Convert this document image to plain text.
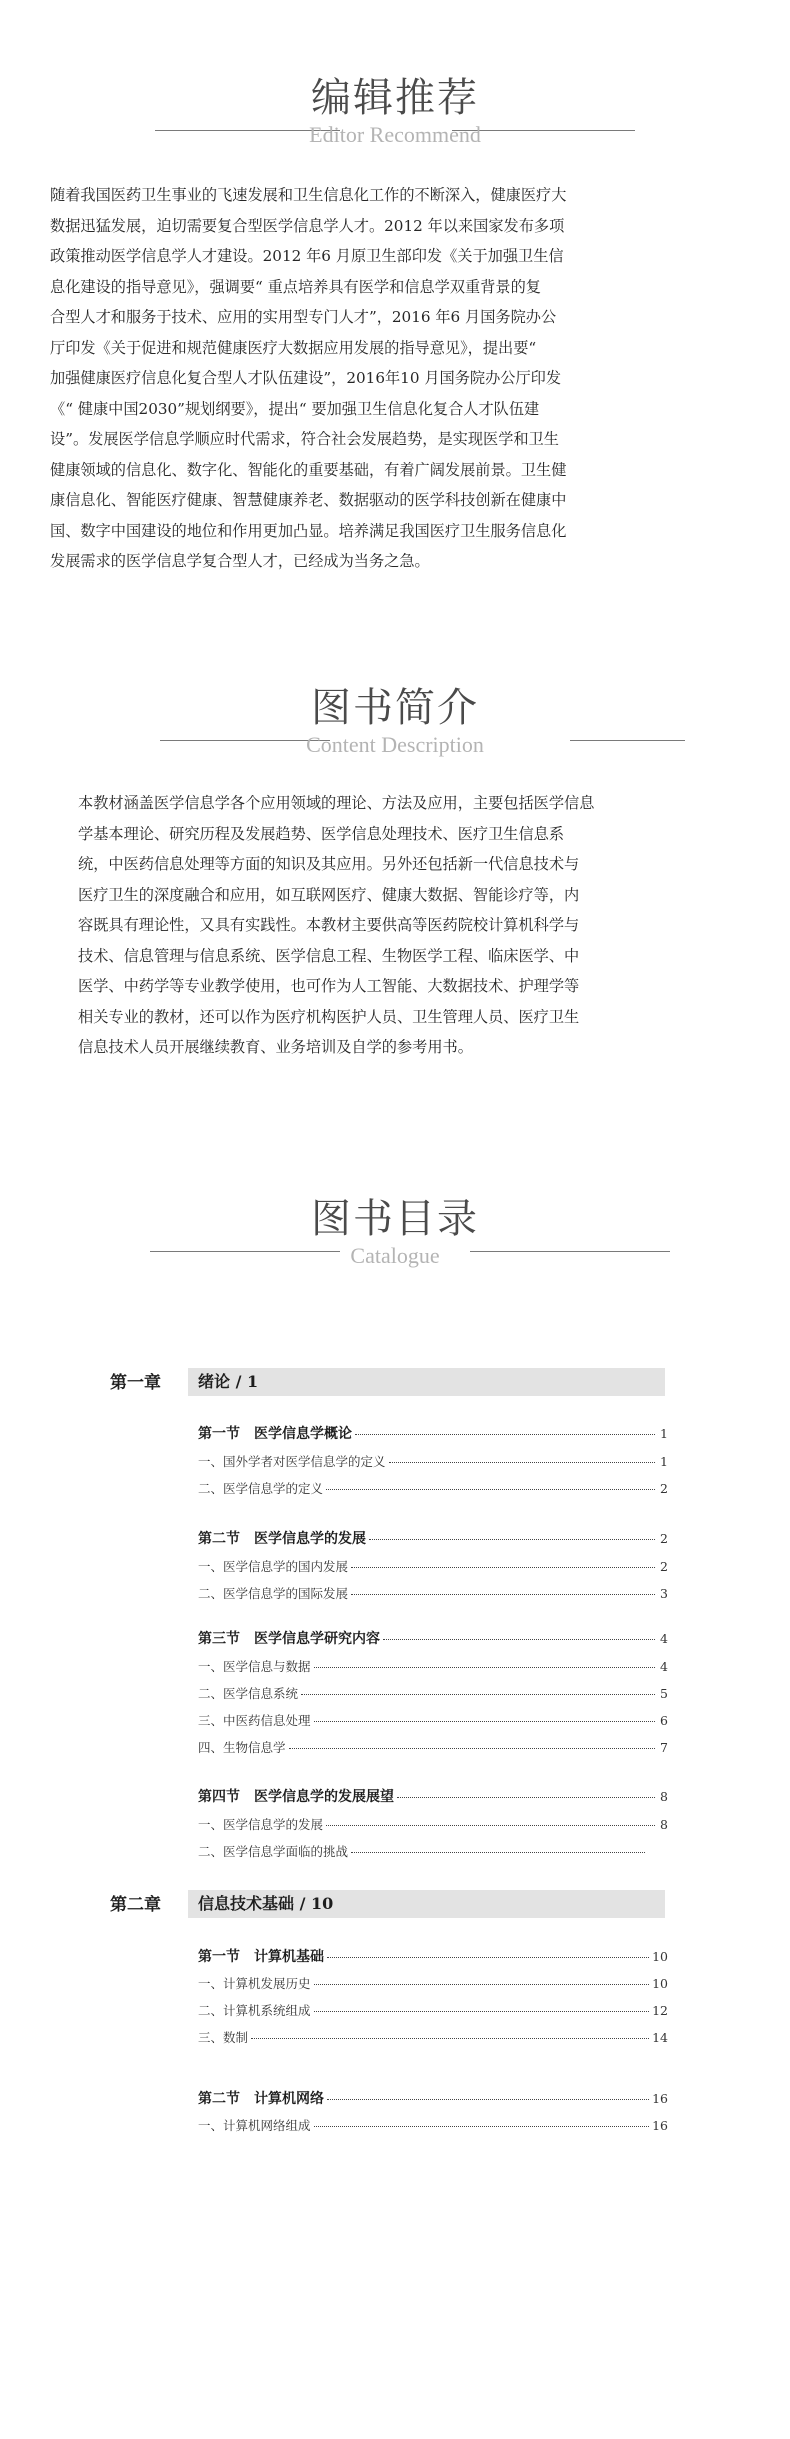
编辑推荐
Editor Recommend
随着我国医药卫生事业的飞速发展和卫生信息化工作的不断深入，健康医疗大
数据迅猛发展，迫切需要复合型医学信息学人才。2012 年以来国家发布多项
政策推动医学信息学人才建设。2012 年6 月原卫生部印发《关于加强卫生信
息化建设的指导意见》，强调要“ 重点培养具有医学和信息学双重背景的复
合型人才和服务于技术、应用的实用型专门人才”，2016 年6 月国务院办公
厅印发《关于促进和规范健康医疗大数据应用发展的指导意见》，提出要“
加强健康医疗信息化复合型人才队伍建设”，2016年10 月国务院办公厅印发
《“ 健康中国2030”规划纲要》，提出“ 要加强卫生信息化复合人才队伍建
设”。发展医学信息学顺应时代需求，符合社会发展趋势，是实现医学和卫生
健康领域的信息化、数字化、智能化的重要基础，有着广阔发展前景。卫生健
康信息化、智能医疗健康、智慧健康养老、数据驱动的医学科技创新在健康中
国、数字中国建设的地位和作用更加凸显。培养满足我国医疗卫生服务信息化
发展需求的医学信息学复合型人才，已经成为当务之急。
图书简介
Content Description
本教材涵盖医学信息学各个应用领域的理论、方法及应用，主要包括医学信息
学基本理论、研究历程及发展趋势、医学信息处理技术、医疗卫生信息系
统，中医药信息处理等方面的知识及其应用。另外还包括新一代信息技术与
医疗卫生的深度融合和应用，如互联网医疗、健康大数据、智能诊疗等，内
容既具有理论性，又具有实践性。本教材主要供高等医药院校计算机科学与
技术、信息管理与信息系统、医学信息工程、生物医学工程、临床医学、中
医学、中药学等专业教学使用，也可作为人工智能、大数据技术、护理学等
相关专业的教材，还可以作为医疗机构医护人员、卫生管理人员、医疗卫生
信息技术人员开展继续教育、业务培训及自学的参考用书。
图书目录
Catalogue
第一章	绪论 / 1
第一节　医学信息学概论	1
一、国外学者对医学信息学的定义	1
二、医学信息学的定义	2
第二节　医学信息学的发展	2
一、医学信息学的国内发展	2
二、医学信息学的国际发展	3
第三节　医学信息学研究内容	4
一、医学信息与数据	4
二、医学信息系统	5
三、中医药信息处理	6
四、生物信息学	7
第四节　医学信息学的发展展望	8
一、医学信息学的发展	8
二、医学信息学面临的挑战
第二章	信息技术基础 / 10
第一节　计算机基础	10
一、计算机发展历史	10
二、计算机系统组成	12
三、数制	14
第二节　计算机网络	16
一、计算机网络组成	16
